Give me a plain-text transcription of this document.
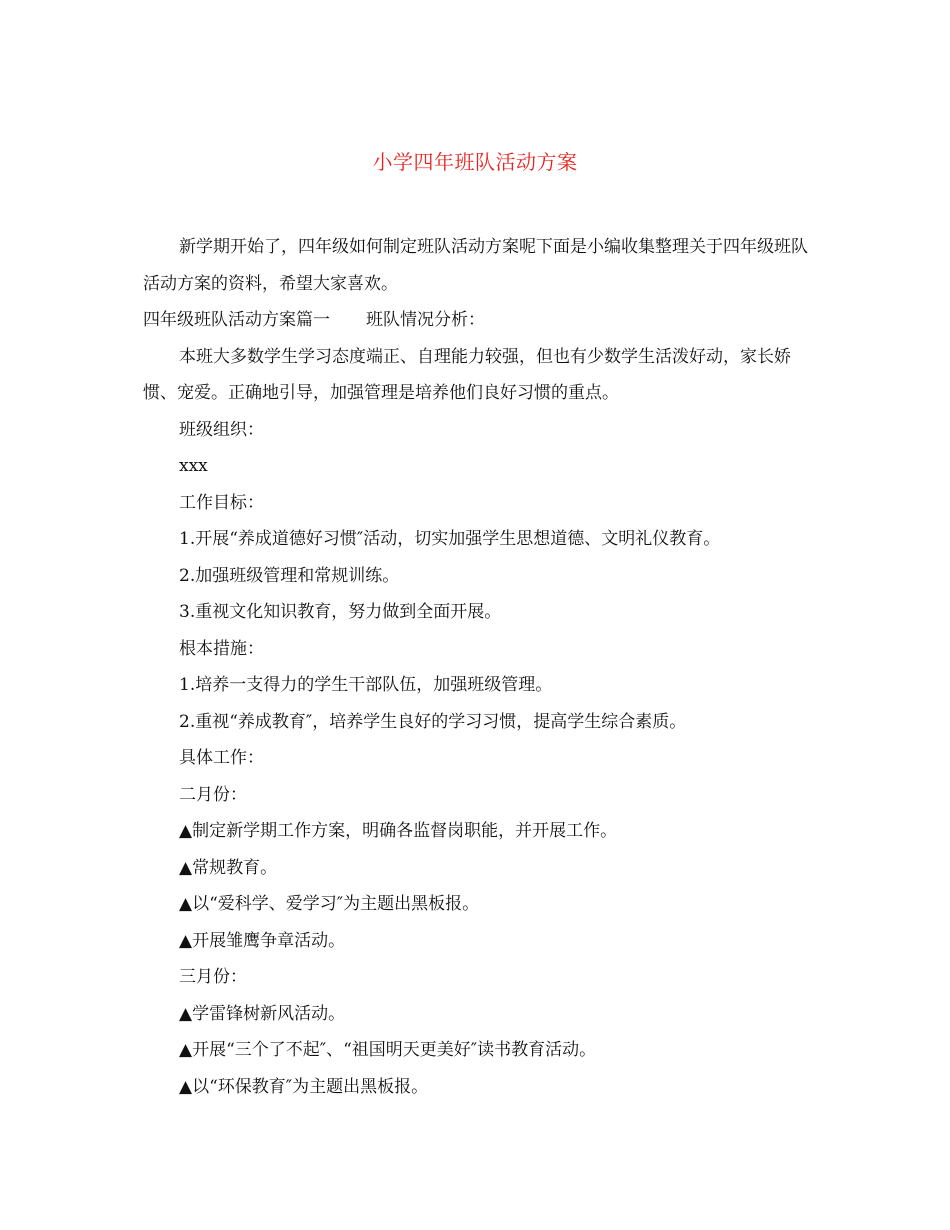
小学四年班队活动方案

新学期开始了，四年级如何制定班队活动方案呢下面是小编收集整理关于四年级班队活动方案的资料，希望大家喜欢。

四年级班队活动方案篇一 班队情况分析：

本班大多数学生学习态度端正、自理能力较强，但也有少数学生活泼好动，家长娇惯、宠爱。正确地引导，加强管理是培养他们良好习惯的重点。

班级组织：

xxx

工作目标：

1.开展“养成道德好习惯″活动，切实加强学生思想道德、文明礼仪教育。

2.加强班级管理和常规训练。

3.重视文化知识教育，努力做到全面开展。

根本措施：

1.培养一支得力的学生干部队伍，加强班级管理。

2.重视“养成教育″，培养学生良好的学习习惯，提高学生综合素质。

具体工作：

二月份：

▲制定新学期工作方案，明确各监督岗职能，并开展工作。

▲常规教育。

▲以“爱科学、爱学习″为主题出黑板报。

▲开展雏鹰争章活动。

三月份：

▲学雷锋树新风活动。

▲开展“三个了不起″、“祖国明天更美好″读书教育活动。

▲以“环保教育″为主题出黑板报。
